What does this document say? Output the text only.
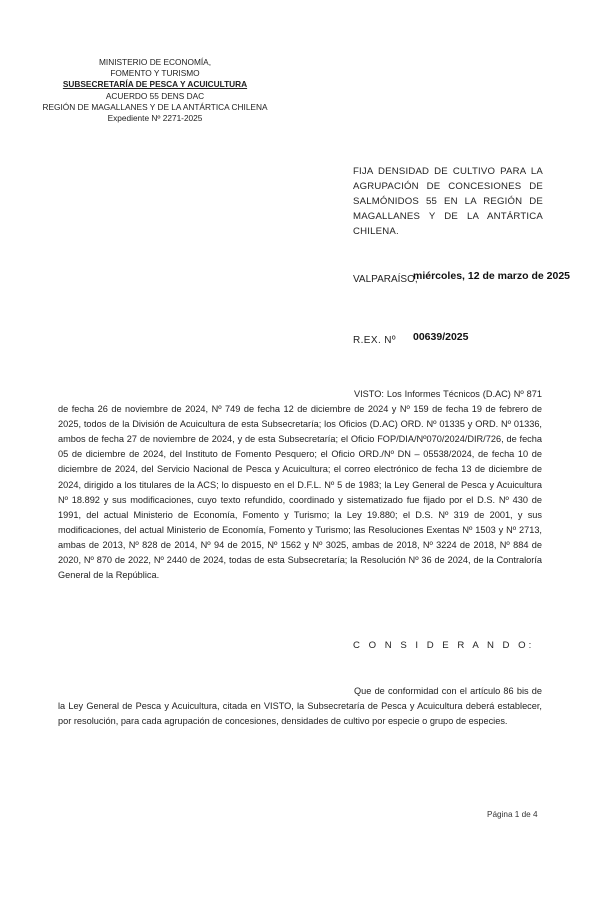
MINISTERIO DE ECONOMÍA,
FOMENTO Y TURISMO
SUBSECRETARÍA DE PESCA Y ACUICULTURA
ACUERDO 55 DENS DAC
REGIÓN DE MAGALLANES Y DE LA ANTÁRTICA CHILENA
Expediente Nº 2271-2025
FIJA DENSIDAD DE CULTIVO PARA LA
AGRUPACIÓN DE CONCESIONES DE
SALMÓNIDOS 55 EN LA REGIÓN DE
MAGALLANES Y DE LA ANTÁRTICA CHILENA.
VALPARAÍSO,
miércoles, 12 de marzo de 2025
R.EX. Nº 00639/2025
VISTO: Los Informes Técnicos (D.AC) Nº 871 de fecha 26 de noviembre de 2024, Nº 749 de fecha 12 de diciembre de 2024 y Nº 159 de fecha 19 de febrero de 2025, todos de la División de Acuicultura de esta Subsecretaría; los Oficios (D.AC) ORD. Nº 01335 y ORD. Nº 01336, ambos de fecha 27 de noviembre de 2024, y de esta Subsecretaría; el Oficio FOP/DIA/Nº070/2024/DIR/726, de fecha 05 de diciembre de 2024, del Instituto de Fomento Pesquero; el Oficio ORD./Nº DN – 05538/2024, de fecha 10 de diciembre de 2024, del Servicio Nacional de Pesca y Acuicultura; el correo electrónico de fecha 13 de diciembre de 2024, dirigido a los titulares de la ACS; lo dispuesto en el D.F.L. Nº 5 de 1983; la Ley General de Pesca y Acuicultura Nº 18.892 y sus modificaciones, cuyo texto refundido, coordinado y sistematizado fue fijado por el D.S. Nº 430 de 1991, del actual Ministerio de Economía, Fomento y Turismo; la Ley 19.880; el D.S. Nº 319 de 2001, y sus modificaciones, del actual Ministerio de Economía, Fomento y Turismo; las Resoluciones Exentas Nº 1503 y Nº 2713, ambas de 2013, Nº 828 de 2014, Nº 94 de 2015, Nº 1562 y Nº 3025, ambas de 2018, Nº 3224 de 2018, Nº 884 de 2020, Nº 870 de 2022, Nº 2440 de 2024, todas de esta Subsecretaría; la Resolución Nº 36 de 2024, de la Contraloría General de la República.
C O N S I D E R A N D O:
Que de conformidad con el artículo 86 bis de la Ley General de Pesca y Acuicultura, citada en VISTO, la Subsecretaría de Pesca y Acuicultura deberá establecer, por resolución, para cada agrupación de concesiones, densidades de cultivo por especie o grupo de especies.
Página 1 de 4
